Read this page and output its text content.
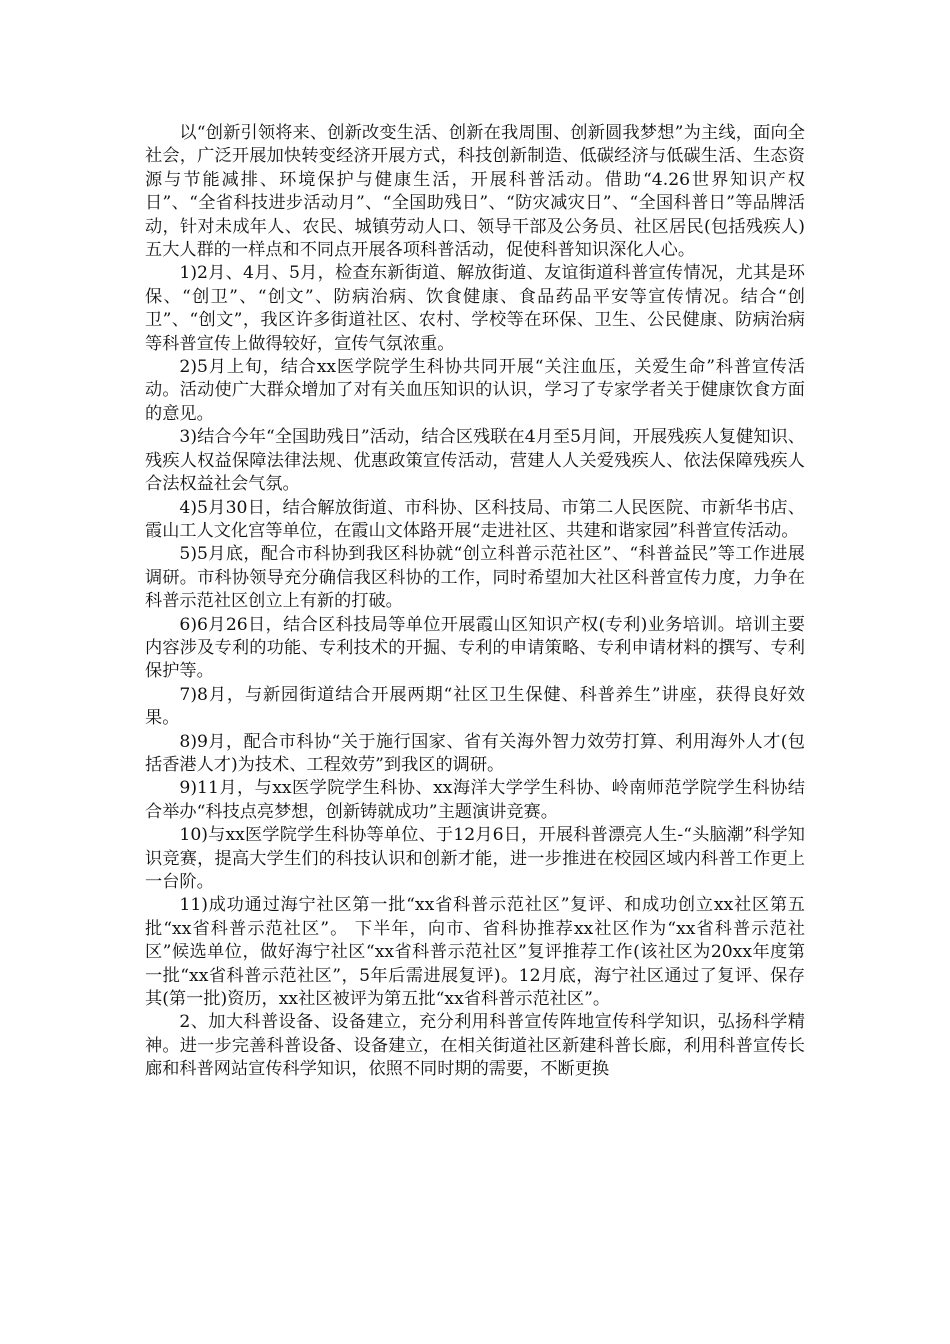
以“创新引领将来、创新改变生活、创新在我周围、创新圆我梦想”为主线，面向全社会，广泛开展加快转变经济开展方式，科技创新制造、低碳经济与低碳生活、生态资源与节能减排、环境保护与健康生活，开展科普活动。借助“4.26世界知识产权日”、“全省科技进步活动月”、“全国助残日”、“防灾减灾日”、“全国科普日”等品牌活动，针对未成年人、农民、城镇劳动人口、领导干部及公务员、社区居民(包括残疾人)五大人群的一样点和不同点开展各项科普活动，促使科普知识深化人心。

1)2月、4月、5月，检查东新街道、解放街道、友谊街道科普宣传情况，尤其是环保、“创卫”、“创文”、防病治病、饮食健康、食品药品平安等宣传情况。结合“创卫”、“创文”，我区许多街道社区、农村、学校等在环保、卫生、公民健康、防病治病等科普宣传上做得较好，宣传气氛浓重。

2)5月上旬，结合xx医学院学生科协共同开展“关注血压，关爱生命”科普宣传活动。活动使广大群众增加了对有关血压知识的认识，学习了专家学者关于健康饮食方面的意见。

3)结合今年“全国助残日”活动，结合区残联在4月至5月间，开展残疾人复健知识、残疾人权益保障法律法规、优惠政策宣传活动，营建人人关爱残疾人、依法保障残疾人合法权益社会气氛。

4)5月30日，结合解放街道、市科协、区科技局、市第二人民医院、市新华书店、霞山工人文化宫等单位，在霞山文体路开展“走进社区、共建和谐家园”科普宣传活动。

5)5月底，配合市科协到我区科协就“创立科普示范社区”、“科普益民”等工作进展调研。市科协领导充分确信我区科协的工作，同时希望加大社区科普宣传力度，力争在科普示范社区创立上有新的打破。

6)6月26日，结合区科技局等单位开展霞山区知识产权(专利)业务培训。培训主要内容涉及专利的功能、专利技术的开掘、专利的申请策略、专利申请材料的撰写、专利保护等。

7)8月，与新园街道结合开展两期“社区卫生保健、科普养生”讲座，获得良好效果。

8)9月，配合市科协“关于施行国家、省有关海外智力效劳打算、利用海外人才(包括香港人才)为技术、工程效劳”到我区的调研。

9)11月，与xx医学院学生科协、xx海洋大学学生科协、岭南师范学院学生科协结合举办“科技点亮梦想，创新铸就成功”主题演讲竞赛。

10)与xx医学院学生科协等单位、于12月6日，开展科普漂亮人生-“头脑潮”科学知识竞赛，提高大学生们的科技认识和创新才能，进一步推进在校园区域内科普工作更上一台阶。

11)成功通过海宁社区第一批“xx省科普示范社区”复评、和成功创立xx社区第五批“xx省科普示范社区”。 下半年，向市、省科协推荐xx社区作为“xx省科普示范社区”候选单位，做好海宁社区“xx省科普示范社区”复评推荐工作(该社区为20xx年度第一批“xx省科普示范社区”，5年后需进展复评)。12月底，海宁社区通过了复评、保存其(第一批)资历，xx社区被评为第五批“xx省科普示范社区”。

2、加大科普设备、设备建立，充分利用科普宣传阵地宣传科学知识，弘扬科学精神。进一步完善科普设备、设备建立，在相关街道社区新建科普长廊，利用科普宣传长廊和科普网站宣传科学知识，依照不同时期的需要，不断更换
